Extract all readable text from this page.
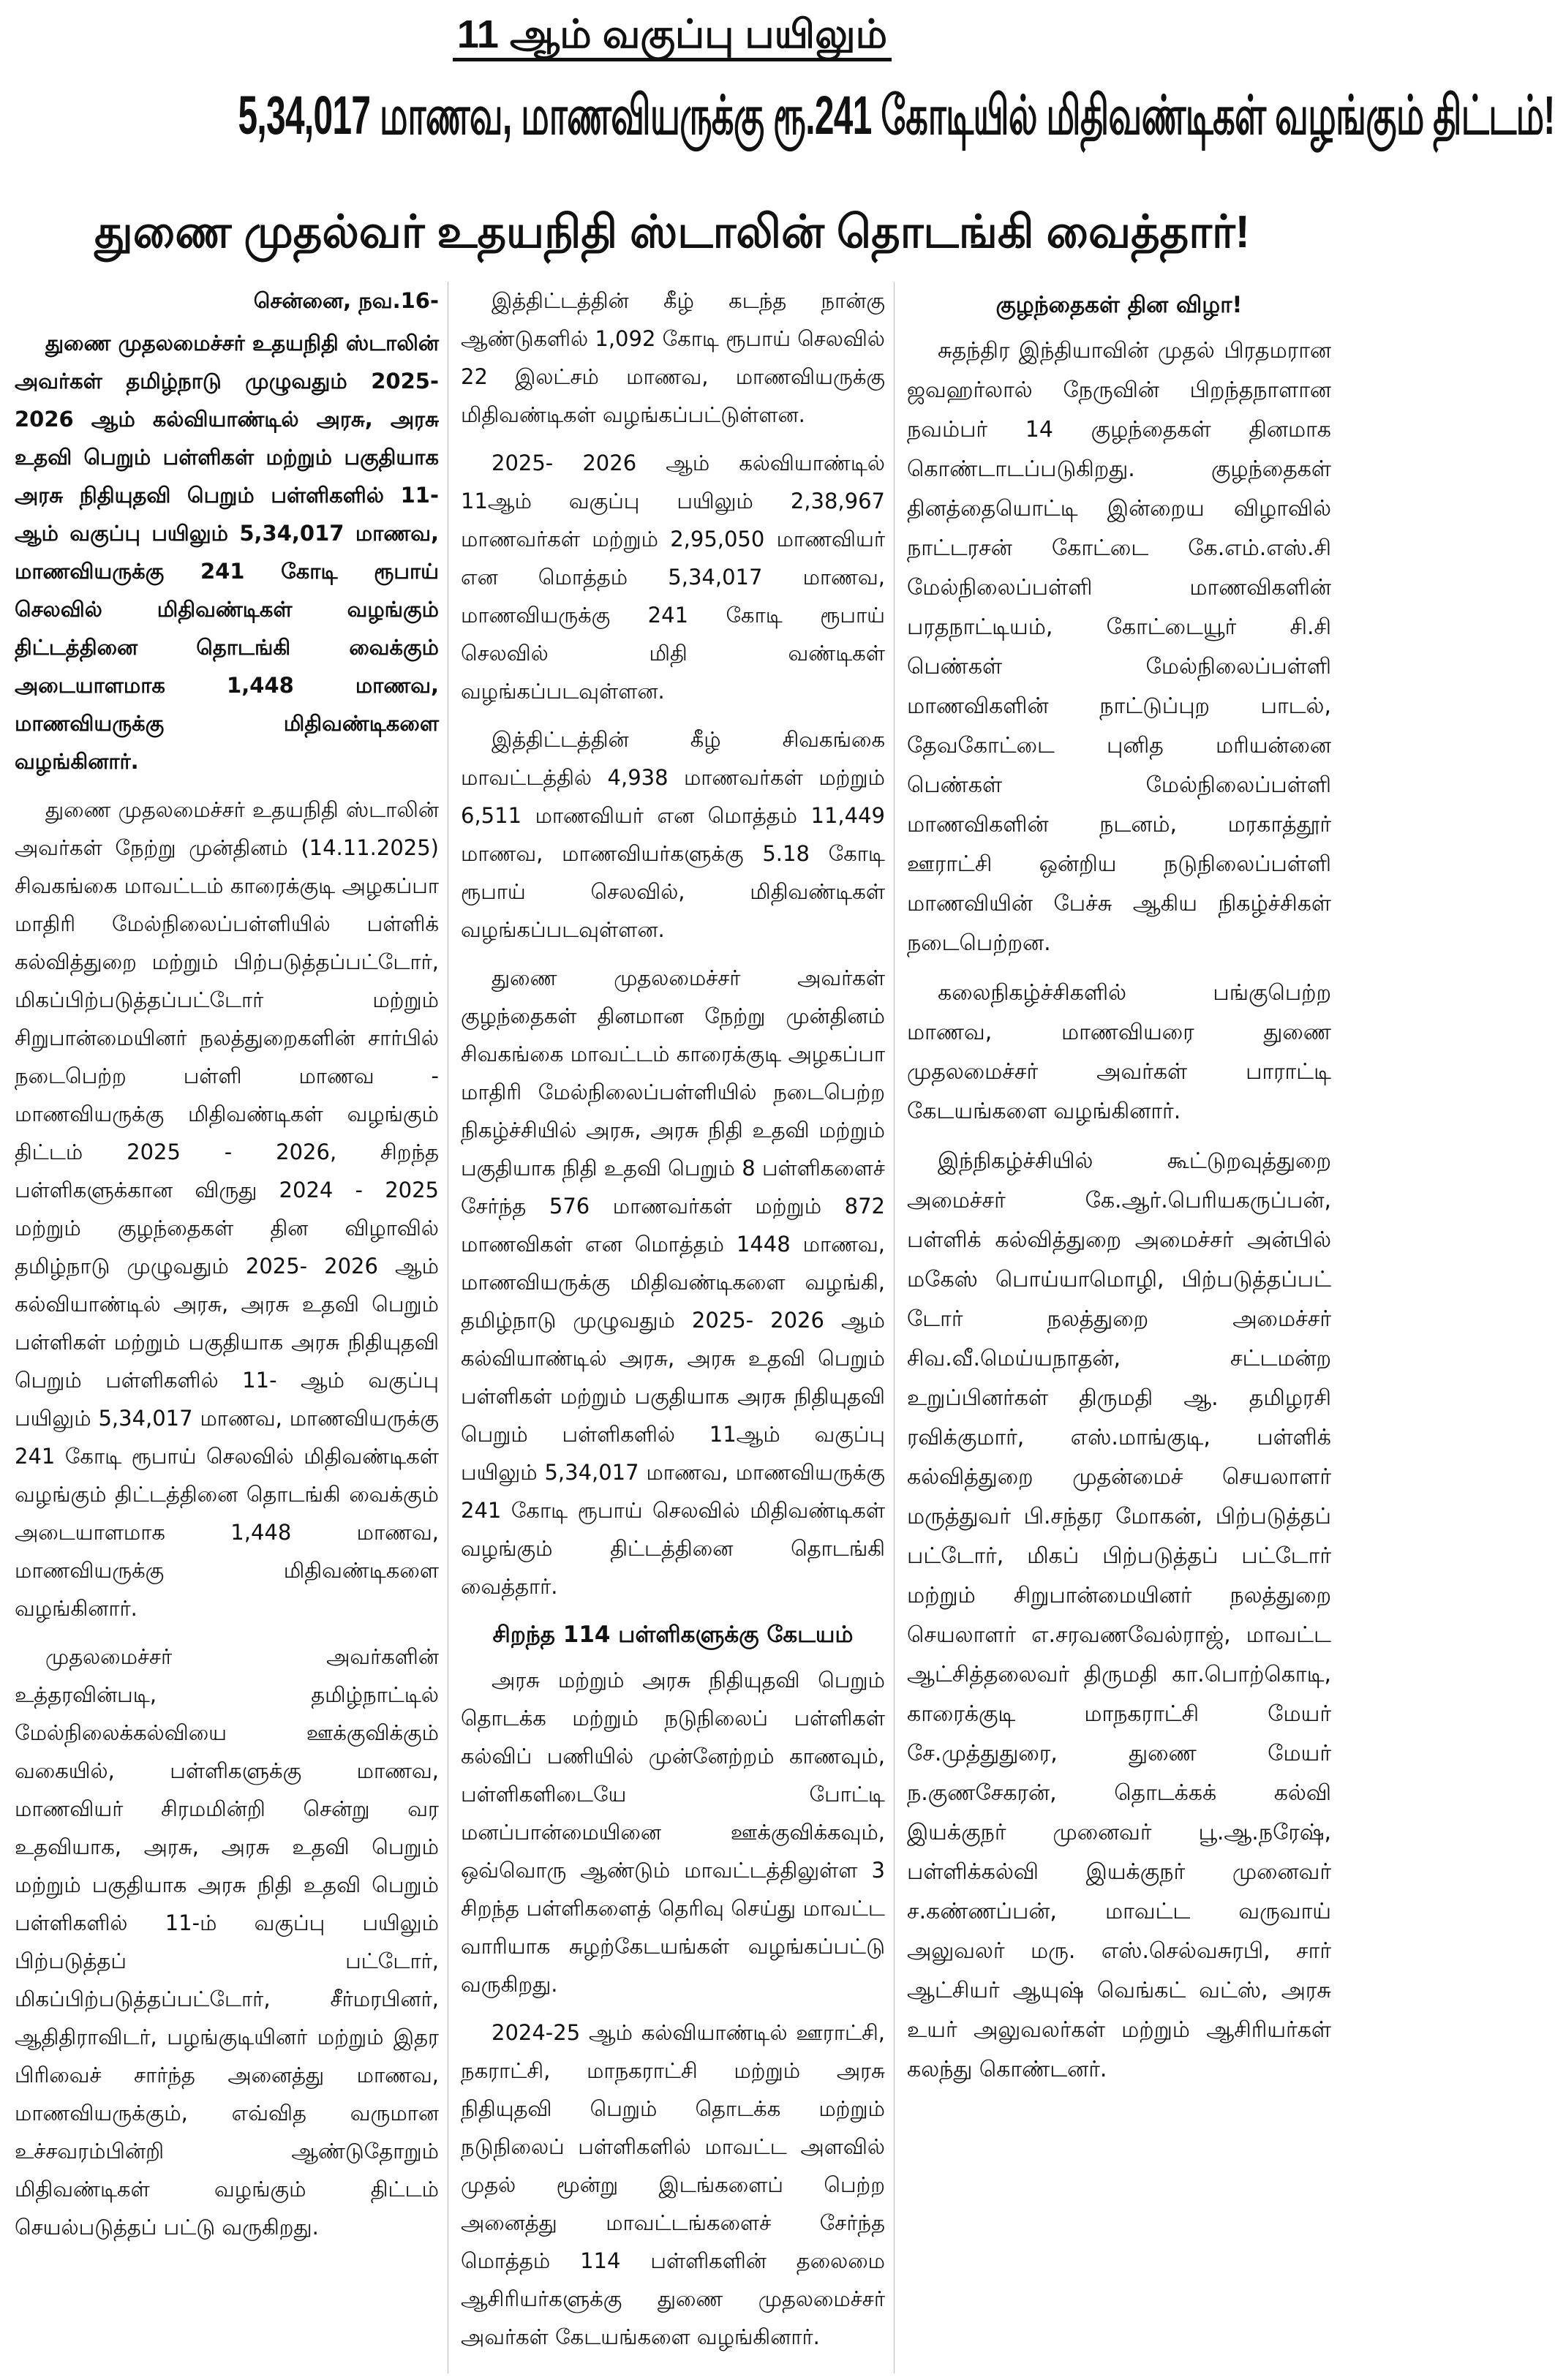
11 ஆம் வகுப்பு பயிலும்
5,34,017 மாணவ, மாணவியருக்கு ரூ.241 கோடியில் மிதிவண்டிகள் வழங்கும் திட்டம்!
துணை முதல்வர் உதயநிதி ஸ்டாலின் தொடங்கி வைத்தார்!

சென்னை, நவ.16-

துணை முதலமைச்சர் உதயநிதி ஸ்டாலின் அவர்கள் தமிழ்நாடு முழுவதும் 2025- 2026 ஆம் கல்வியாண்டில் அரசு, அரசு உதவி பெறும் பள்ளிகள் மற்றும் பகுதியாக அரசு நிதியுதவி பெறும் பள்ளிகளில் 11-ஆம் வகுப்பு பயிலும் 5,34,017 மாணவ, மாணவியருக்கு 241 கோடி ரூபாய் செலவில் மிதிவண்டிகள் வழங்கும் திட்டத்தினை தொடங்கி வைக்கும் அடையாளமாக 1,448 மாணவ, மாணவியருக்கு மிதிவண்டிகளை வழங்கினார்.

துணை முதலமைச்சர் உதயநிதி ஸ்டாலின் அவர்கள் நேற்று முன்தினம் (14.11.2025) சிவகங்கை மாவட்டம் காரைக்குடி அழகப்பா மாதிரி மேல்நிலைப்பள்ளியில் பள்ளிக் கல்வித்துறை மற்றும் பிற்படுத்தப்பட்டோர், மிகப்பிற்படுத்தப்பட்டோர் மற்றும் சிறுபான்மையினர் நலத்துறைகளின் சார்பில் நடைபெற்ற பள்ளி மாணவ - மாணவியருக்கு மிதிவண்டிகள் வழங்கும் திட்டம் 2025 - 2026, சிறந்த பள்ளிகளுக்கான விருது 2024 - 2025 மற்றும் குழந்தைகள் தின விழாவில் தமிழ்நாடு முழுவதும் 2025- 2026 ஆம் கல்வியாண்டில் அரசு, அரசு உதவி பெறும் பள்ளிகள் மற்றும் பகுதியாக அரசு நிதியுதவி பெறும் பள்ளிகளில் 11- ஆம் வகுப்பு பயிலும் 5,34,017 மாணவ, மாணவியருக்கு 241 கோடி ரூபாய் செலவில் மிதிவண்டிகள் வழங்கும் திட்டத்தினை தொடங்கி வைக்கும் அடையாளமாக 1,448 மாணவ, மாணவியருக்கு மிதிவண்டிகளை வழங்கினார்.

முதலமைச்சர் அவர்களின் உத்தரவின்படி, தமிழ்நாட்டில் மேல்நிலைக்கல்வியை ஊக்குவிக்கும் வகையில், பள்ளிகளுக்கு மாணவ, மாணவியர் சிரமமின்றி சென்று வர உதவியாக, அரசு, அரசு உதவி பெறும் மற்றும் பகுதியாக அரசு நிதி உதவி பெறும் பள்ளிகளில் 11-ம் வகுப்பு பயிலும் பிற்படுத்தப் பட்டோர், மிகப்பிற்படுத்தப்பட்டோர், சீர்மரபினர், ஆதிதிராவிடர், பழங்குடியினர் மற்றும் இதர பிரிவைச் சார்ந்த அனைத்து மாணவ, மாணவியருக்கும், எவ்வித வருமான உச்சவரம்பின்றி ஆண்டுதோறும் மிதிவண்டிகள் வழங்கும் திட்டம் செயல்படுத்தப் பட்டு வருகிறது.

இத்திட்டத்தின் கீழ் கடந்த நான்கு ஆண்டுகளில் 1,092 கோடி ரூபாய் செலவில் 22 இலட்சம் மாணவ, மாணவியருக்கு மிதிவண்டிகள் வழங்கப்பட்டுள்ளன.

2025- 2026 ஆம் கல்வியாண்டில் 11ஆம் வகுப்பு பயிலும் 2,38,967 மாணவர்கள் மற்றும் 2,95,050 மாணவியர் என மொத்தம் 5,34,017 மாணவ, மாணவியருக்கு 241 கோடி ரூபாய் செலவில் மிதி வண்டிகள் வழங்கப்படவுள்ளன.

இத்திட்டத்தின் கீழ் சிவகங்கை மாவட்டத்தில் 4,938 மாணவர்கள் மற்றும் 6,511 மாணவியர் என மொத்தம் 11,449 மாணவ, மாணவியர்களுக்கு 5.18 கோடி ரூபாய் செலவில், மிதிவண்டிகள் வழங்கப்படவுள்ளன.

துணை முதலமைச்சர் அவர்கள் குழந்தைகள் தினமான நேற்று முன்தினம் சிவகங்கை மாவட்டம் காரைக்குடி அழகப்பா மாதிரி மேல்நிலைப்பள்ளியில் நடைபெற்ற நிகழ்ச்சியில் அரசு, அரசு நிதி உதவி மற்றும் பகுதியாக நிதி உதவி பெறும் 8 பள்ளிகளைச் சேர்ந்த 576 மாணவர்கள் மற்றும் 872 மாணவிகள் என மொத்தம் 1448 மாணவ, மாணவியருக்கு மிதிவண்டிகளை வழங்கி, தமிழ்நாடு முழுவதும் 2025- 2026 ஆம் கல்வியாண்டில் அரசு, அரசு உதவி பெறும் பள்ளிகள் மற்றும் பகுதியாக அரசு நிதியுதவி பெறும் பள்ளிகளில் 11ஆம் வகுப்பு பயிலும் 5,34,017 மாணவ, மாணவியருக்கு 241 கோடி ரூபாய் செலவில் மிதிவண்டிகள் வழங்கும் திட்டத்தினை தொடங்கி வைத்தார்.

சிறந்த 114 பள்ளிகளுக்கு கேடயம்

அரசு மற்றும் அரசு நிதியுதவி பெறும் தொடக்க மற்றும் நடுநிலைப் பள்ளிகள் கல்விப் பணியில் முன்னேற்றம் காணவும், பள்ளிகளிடையே போட்டி மனப்பான்மையினை ஊக்குவிக்கவும், ஒவ்வொரு ஆண்டும் மாவட்டத்திலுள்ள 3 சிறந்த பள்ளிகளைத் தெரிவு செய்து மாவட்ட வாரியாக சுழற்கேடயங்கள் வழங்கப்பட்டு வருகிறது.

2024-25 ஆம் கல்வியாண்டில் ஊராட்சி, நகராட்சி, மாநகராட்சி மற்றும் அரசு நிதியுதவி பெறும் தொடக்க மற்றும் நடுநிலைப் பள்ளிகளில் மாவட்ட அளவில் முதல் மூன்று இடங்களைப் பெற்ற அனைத்து மாவட்டங்களைச் சேர்ந்த மொத்தம் 114 பள்ளிகளின் தலைமை ஆசிரியர்களுக்கு துணை முதலமைச்சர் அவர்கள் கேடயங்களை வழங்கினார்.

குழந்தைகள் தின விழா!

சுதந்திர இந்தியாவின் முதல் பிரதமரான ஜவஹர்லால் நேருவின் பிறந்தநாளான நவம்பர் 14 குழந்தைகள் தினமாக கொண்டாடப்படுகிறது. குழந்தைகள் தினத்தையொட்டி இன்றைய விழாவில் நாட்டரசன் கோட்டை கே.எம்.எஸ்.சி மேல்நிலைப்பள்ளி மாணவிகளின் பரதநாட்டியம், கோட்டையூர் சி.சி பெண்கள் மேல்நிலைப்பள்ளி மாணவிகளின் நாட்டுப்புற பாடல், தேவகோட்டை புனித மரியன்னை பெண்கள் மேல்நிலைப்பள்ளி மாணவிகளின் நடனம், மரகாத்தூர் ஊராட்சி ஒன்றிய நடுநிலைப்பள்ளி மாணவியின் பேச்சு ஆகிய நிகழ்ச்சிகள் நடைபெற்றன.

கலைநிகழ்ச்சிகளில் பங்குபெற்ற மாணவ, மாணவியரை துணை முதலமைச்சர் அவர்கள் பாராட்டி கேடயங்களை வழங்கினார்.

இந்நிகழ்ச்சியில் கூட்டுறவுத்துறை அமைச்சர் கே.ஆர்.பெரியகருப்பன், பள்ளிக் கல்வித்துறை அமைச்சர் அன்பில் மகேஸ் பொய்யாமொழி, பிற்படுத்தப்பட் டோர் நலத்துறை அமைச்சர் சிவ.வீ.மெய்யநாதன், சட்டமன்ற உறுப்பினர்கள் திருமதி ஆ. தமிழரசி ரவிக்குமார், எஸ்.மாங்குடி, பள்ளிக் கல்வித்துறை முதன்மைச் செயலாளர் மருத்துவர் பி.சந்தர மோகன், பிற்படுத்தப் பட்டோர், மிகப் பிற்படுத்தப் பட்டோர் மற்றும் சிறுபான்மையினர் நலத்துறை செயலாளர் எ.சரவணவேல்ராஜ், மாவட்ட ஆட்சித்தலைவர் திருமதி கா.பொற்கொடி, காரைக்குடி மாநகராட்சி மேயர் சே.முத்துதுரை, துணை மேயர் ந.குணசேகரன், தொடக்கக் கல்வி இயக்குநர் முனைவர் பூ.ஆ.நரேஷ், பள்ளிக்கல்வி இயக்குநர் முனைவர் ச.கண்ணப்பன், மாவட்ட வருவாய் அலுவலர் மரு. எஸ்.செல்வசுரபி, சார் ஆட்சியர் ஆயுஷ் வெங்கட் வட்ஸ், அரசு உயர் அலுவலர்கள் மற்றும் ஆசிரியர்கள் கலந்து கொண்டனர்.
